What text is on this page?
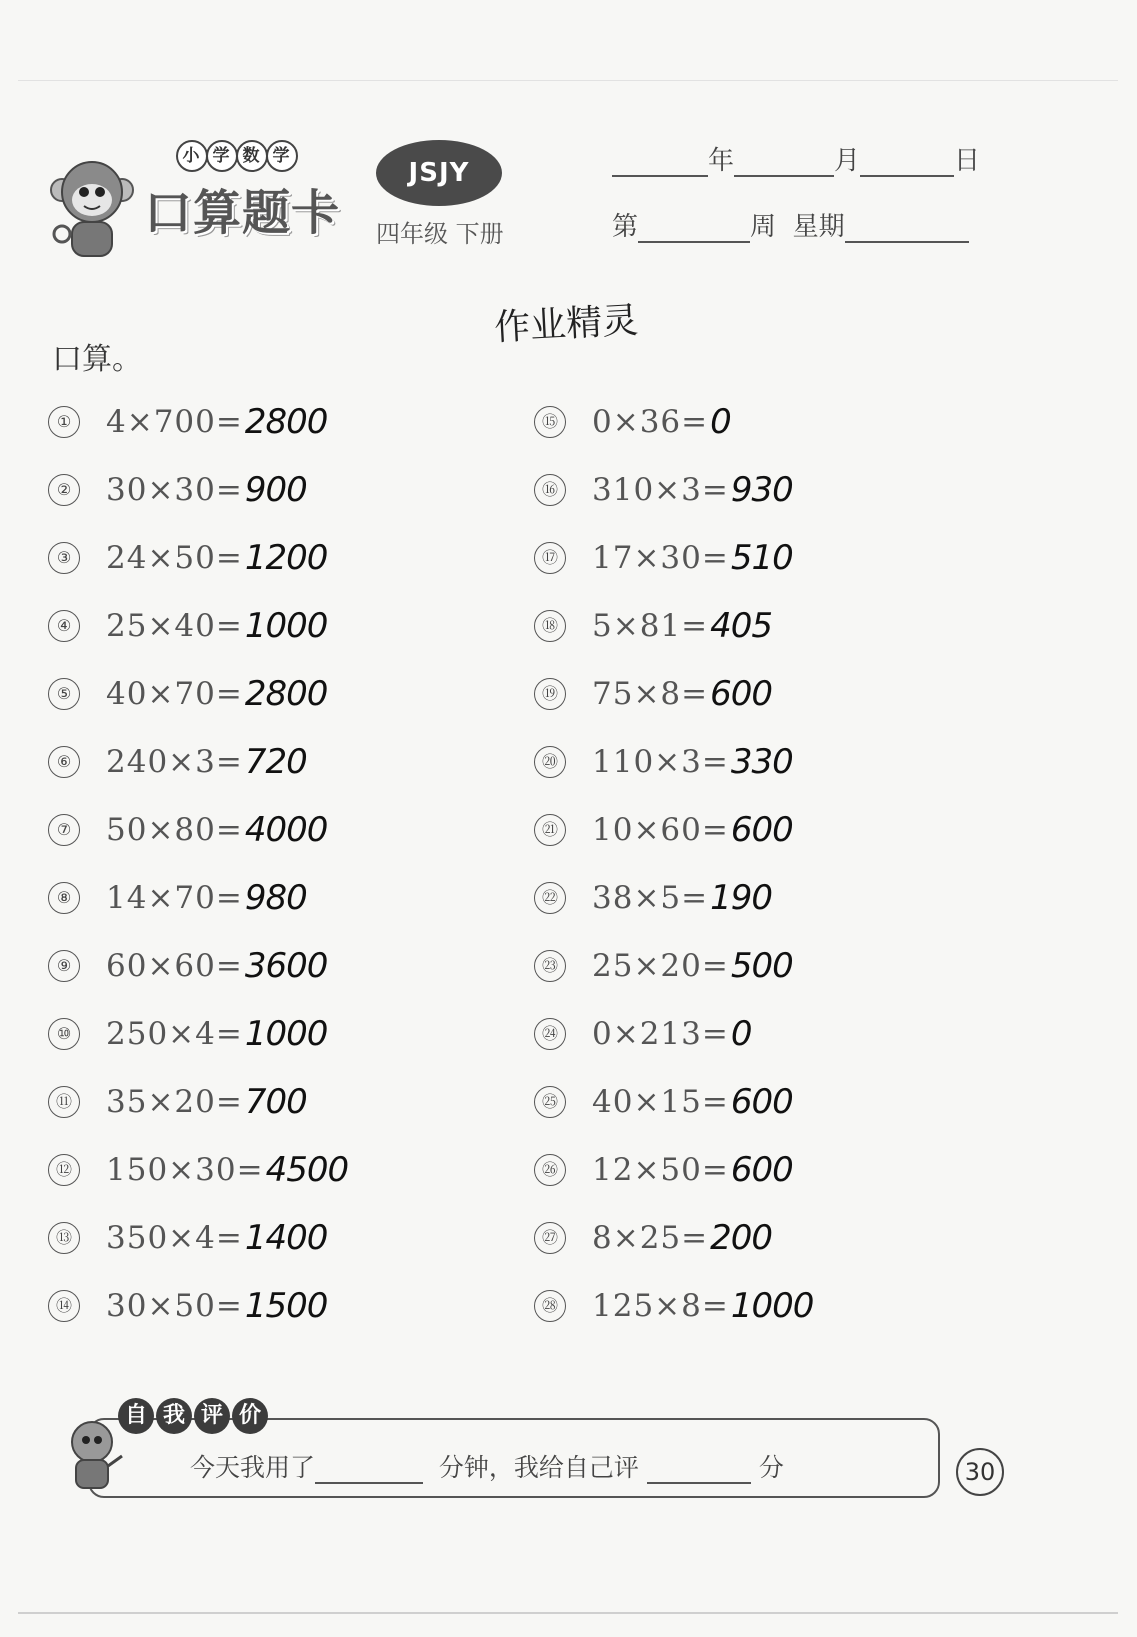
小 学 数 学
口算题卡
JSJY
四年级 下册
年	月	日
第	周 星期
作业精灵
口算。
① 4×700= 2800
② 30×30= 900
③ 24×50= 1200
④ 25×40= 1000
⑤ 40×70= 2800
⑥ 240×3= 720
⑦ 50×80= 4000
⑧ 14×70= 980
⑨ 60×60= 3600
⑩ 250×4= 1000
⑪ 35×20= 700
⑫ 150×30= 4500
⑬ 350×4= 1400
⑭ 30×50= 1500
⑮ 0×36= 0
⑯ 310×3= 930
⑰ 17×30= 510
⑱ 5×81= 405
⑲ 75×8= 600
⑳ 110×3= 330
㉑ 10×60= 600
㉒ 38×5= 190
㉓ 25×20= 500
㉔ 0×213= 0
㉕ 40×15= 600
㉖ 12×50= 600
㉗ 8×25= 200
㉘ 125×8= 1000
自 我 评 价
今天我用了	分钟，我给自己评	分	30
